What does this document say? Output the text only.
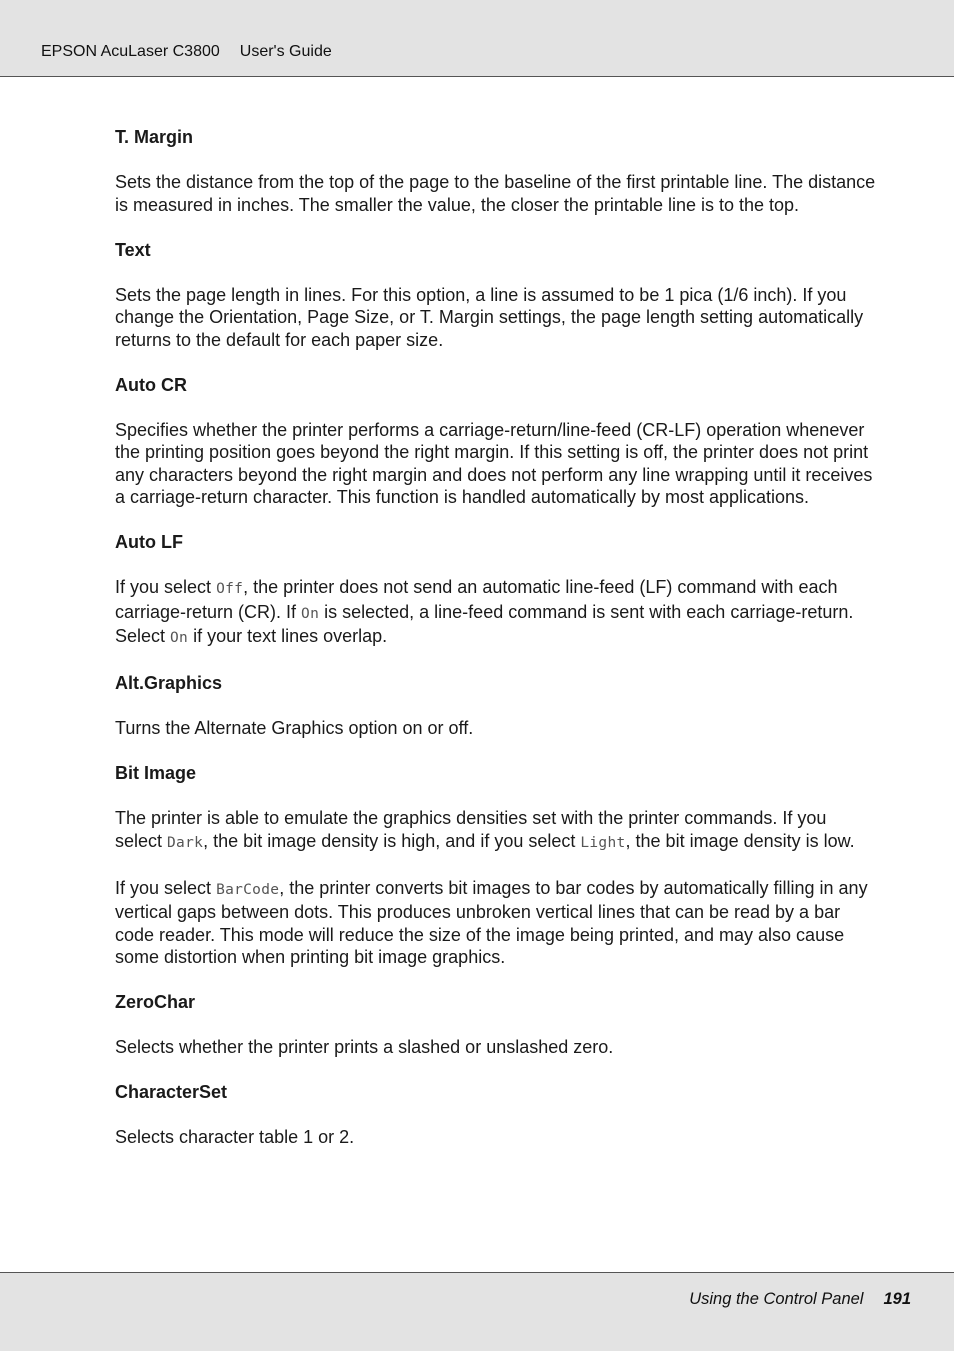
EPSON AcuLaser C3800 User's Guide
T. Margin

Sets the distance from the top of the page to the baseline of the first printable line. The distance is measured in inches. The smaller the value, the closer the printable line is to the top.

Text

Sets the page length in lines. For this option, a line is assumed to be 1 pica (1/6 inch). If you change the Orientation, Page Size, or T. Margin settings, the page length setting automatically returns to the default for each paper size.

Auto CR

Specifies whether the printer performs a carriage-return/line-feed (CR-LF) operation whenever the printing position goes beyond the right margin. If this setting is off, the printer does not print any characters beyond the right margin and does not perform any line wrapping until it receives a carriage-return character. This function is handled automatically by most applications.

Auto LF

If you select Off, the printer does not send an automatic line-feed (LF) command with each carriage-return (CR). If On is selected, a line-feed command is sent with each carriage-return. Select On if your text lines overlap.

Alt.Graphics

Turns the Alternate Graphics option on or off.

Bit Image

The printer is able to emulate the graphics densities set with the printer commands. If you select Dark, the bit image density is high, and if you select Light, the bit image density is low.

If you select BarCode, the printer converts bit images to bar codes by automatically filling in any vertical gaps between dots. This produces unbroken vertical lines that can be read by a bar code reader. This mode will reduce the size of the image being printed, and may also cause some distortion when printing bit image graphics.

ZeroChar

Selects whether the printer prints a slashed or unslashed zero.

CharacterSet

Selects character table 1 or 2.

Using the Control Panel 191
